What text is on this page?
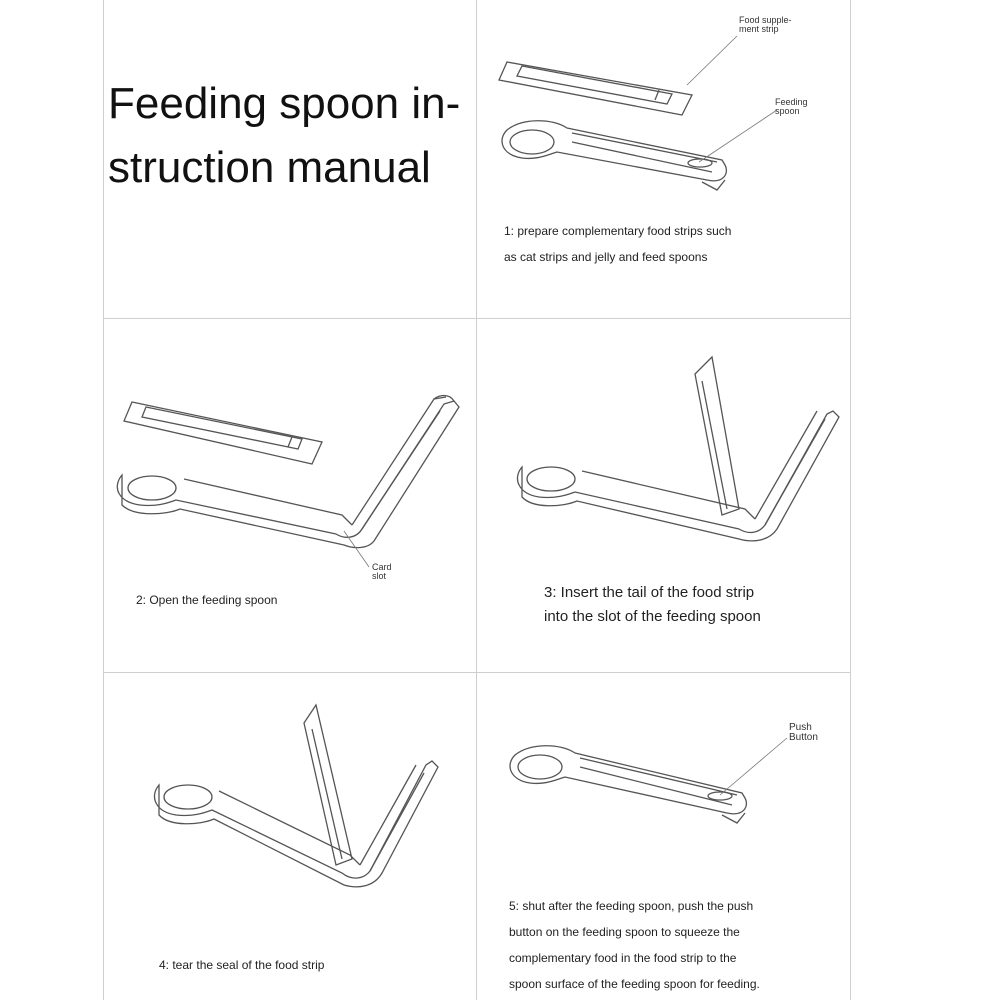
Feeding spoon in-
struction manual
Food supple-
ment strip
Feeding
spoon
1: prepare complementary food strips such
as cat strips and jelly and feed spoons
Card
slot
2: Open the feeding spoon	3: Insert the tail of the food strip
into the slot of the feeding spoon
4: tear the seal of the food strip
Push
Button
5: shut after the feeding spoon, push the push
button on the feeding spoon to squeeze the
complementary food in the food strip to the
spoon surface of the feeding spoon for feeding.
